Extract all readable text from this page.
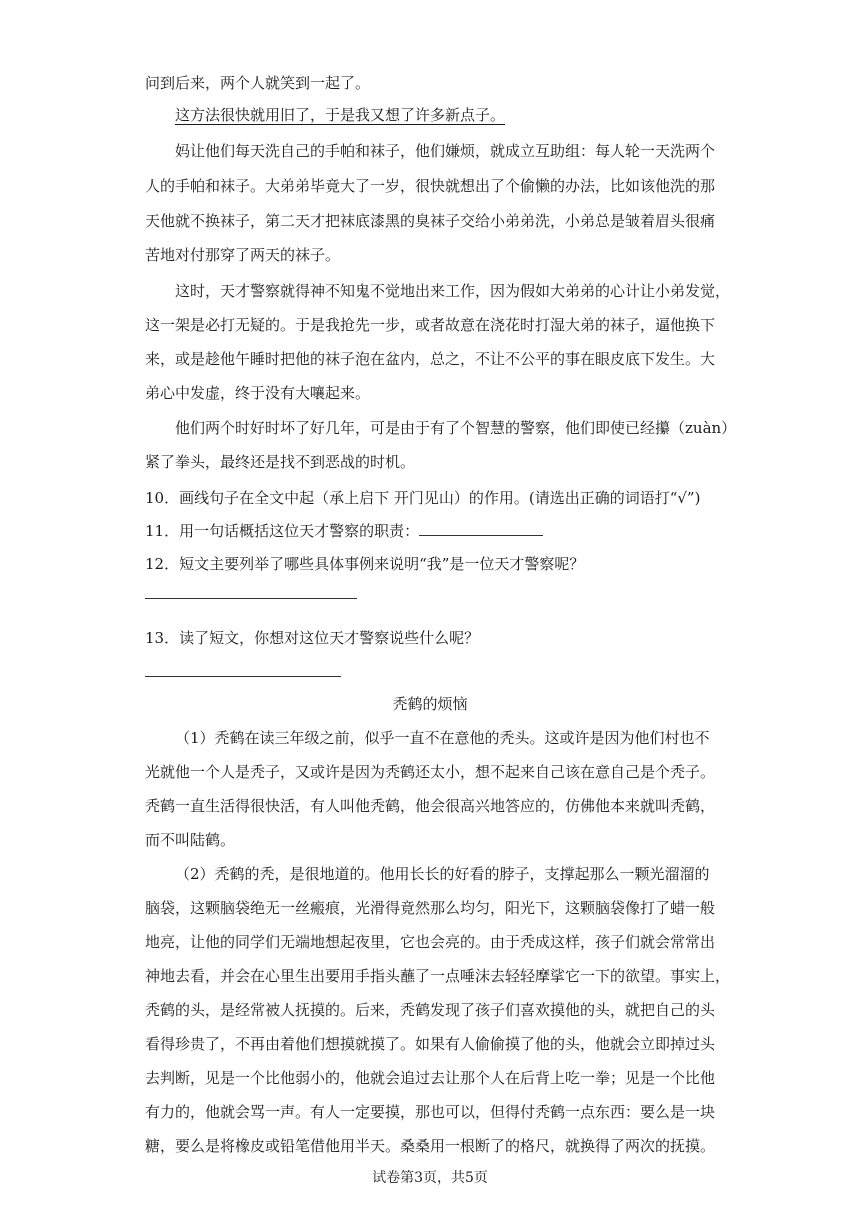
问到后来，两个人就笑到一起了。
这方法很快就用旧了，于是我又想了许多新点子。
妈让他们每天洗自己的手帕和袜子，他们嫌烦，就成立互助组：每人轮一天洗两个
人的手帕和袜子。大弟弟毕竟大了一岁，很快就想出了个偷懒的办法，比如该他洗的那
天他就不换袜子，第二天才把袜底漆黑的臭袜子交给小弟弟洗，小弟总是皱着眉头很痛
苦地对付那穿了两天的袜子。
这时，天才警察就得神不知鬼不觉地出来工作，因为假如大弟弟的心计让小弟发觉，
这一架是必打无疑的。于是我抢先一步，或者故意在浇花时打湿大弟的袜子，逼他换下
来，或是趁他午睡时把他的袜子泡在盆内，总之，不让不公平的事在眼皮底下发生。大
弟心中发虚，终于没有大嚷起来。
他们两个时好时坏了好几年，可是由于有了个智慧的警察，他们即使已经攥（zuàn）
紧了拳头，最终还是找不到恶战的时机。
10．画线句子在全文中起（承上启下 开门见山）的作用。(请选出正确的词语打“√”)
11．用一句话概括这位天才警察的职责：
12．短文主要列举了哪些具体事例来说明“我”是一位天才警察呢？
13．读了短文，你想对这位天才警察说些什么呢？
秃鹤的烦恼
（1）秃鹤在读三年级之前，似乎一直不在意他的秃头。这或许是因为他们村也不
光就他一个人是秃子，又或许是因为秃鹤还太小，想不起来自己该在意自己是个秃子。
秃鹤一直生活得很快活，有人叫他秃鹤，他会很高兴地答应的，仿佛他本来就叫秃鹤，
而不叫陆鹤。
（2）秃鹤的秃，是很地道的。他用长长的好看的脖子，支撑起那么一颗光溜溜的
脑袋，这颗脑袋绝无一丝瘢痕，光滑得竟然那么均匀，阳光下，这颗脑袋像打了蜡一般
地亮，让他的同学们无端地想起夜里，它也会亮的。由于秃成这样，孩子们就会常常出
神地去看，并会在心里生出要用手指头蘸了一点唾沫去轻轻摩挲它一下的欲望。事实上，
秃鹤的头，是经常被人抚摸的。后来，秃鹤发现了孩子们喜欢摸他的头，就把自己的头
看得珍贵了，不再由着他们想摸就摸了。如果有人偷偷摸了他的头，他就会立即掉过头
去判断，见是一个比他弱小的，他就会追过去让那个人在后背上吃一拳；见是一个比他
有力的，他就会骂一声。有人一定要摸，那也可以，但得付秃鹤一点东西：要么是一块
糖，要么是将橡皮或铅笔借他用半天。桑桑用一根断了的格尺，就换得了两次的抚摸。
试卷第3页，共5页
